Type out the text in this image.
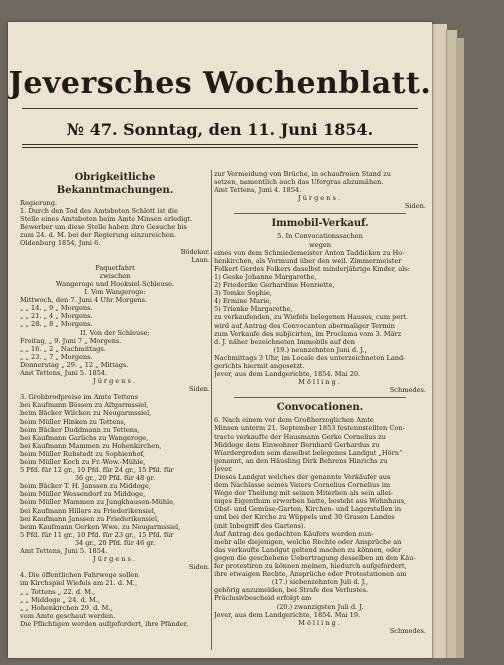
Jeversches Wochenblatt.
№ 47. Sonntag, den 11. Juni 1854.
Obrigkeitliche Bekanntmachungen.
Regierung.
1. Durch den Tod des Amtsboten Schlott ist die
Stelle eines Amtsboten beim Amte Minsen erledigt.
Bewerber um diese Stelle haben ihre Gesuche bis
zum 24. d. M. bei der Regierung einzureichen.
Oldenburg 1854, Juni 6.
Bödeker.
Laun.
Paquetfahrt
zwischen
Wangeroge und Hooksiel-Schleuse.
I. Von Wangeroge:
Mittwoch, den 7. Juni 4 Uhr Morgens.
„ „ 14. „ 9 „ Morgens.
„ „ 21. „ 4 „ Morgens.
„ „ 28. „ 8 „ Morgens.
II. Von der Schleuse:
Freitag, „ 9. Juni 7 „ Morgens.
„ „ 16. „ 2 „ Nachmittags.
„ „ 23. „ 7 „ Morgens.
Donnerstag „ 29. „ 12 „ Mittags.
Amt Tettens, Juni 5. 1854.
Jürgens.
Siden.
3. Grobbrodpreise im Amte Tettens
bei Kaufmann Bössen zu Altgarmssiel,
beim Bäcker Wilcken zu Neugarmssiel,
beim Müller Hinken zu Tettens,
beim Bäcker Duddmann zu Tettens,
bei Kaufmann Garlichs zu Wangeroge,
bei Kaufmann Mammen zu Hohenkirchen,
beim Müller Ruhstedt zu Sophienhof,
beim Müller Koch zu Fr.-Wow.-Mühle,
5 Pfd. für 12 gr., 10 Pfd. für 24 gr., 15 Pfd. für
36 gr., 20 Pfd. für 48 gr.
beim Bäcker T. H. Janssen zu Middoge,
beim Müller Wessendorf zu Middoge,
beim Müller Mammen zu Jungkhausen-Mühle,
bei Kaufmann Hillers zu Friederikensiel,
bei Kaufmann Janssen zu Friederikensiel,
beim Kaufmann Gerken Wwe. zu Neugarmssiel,
5 Pfd. für 11 gr., 10 Pfd. für 23 gr., 15 Pfd. für
34 gr., 20 Pfd. für 46 gr.
Amt Tettens, Juni 5. 1854.
Jürgens.
Siden.
4. Die öffentlichen Fahrwege sollen
im Kirchspiel Wiefels am 21. d. M.,
„ „ Tettens „ 22. d. M.,
„ „ Middoge „ 24. d. M.,
„ „ Hohenkirchen 29. d. M.,
vom Amte geschaut werden.
Die Pflichtigen werden aufgefordert, ihre Pfänder,
zur Vermeidung von Brüche, in schaufreien Stand zu
setzen, namentlich auch das Ufergras abzumähen.
Amt Tettens, Juni 4. 1854.
Jürgens.
Siden.
Immobil-Verkauf.
5. In Convocationssachen
wegen
eines von dem Schmiedemeister Anton Taddicken zu Ho-
henkirchen, als Vormund über den weil. Zimmermeister
Folkert Gerdes Folkers daselbst minderjährige Kinder, als:
1) Geske Johanne Margarethe,
2) Friederike Gerhardine Henriette,
3) Tomke Sophie,
4) Ermine Marie,
5) Trienke Margarethe,
zu verkaufenden, zu Wiefels belegenen Hauses, cum pert.
wird auf Antrag des Convocanten abermaliger Termin
zum Verkaufe des subjicirten, im Proclama vom 3. März
d. J. näher bezeichneten Immobils auf den
(19.) neunzehnten Juni d. J.,
Nachmittags 3 Uhr, im Locale des unterzeichneten Land-
gerichts hiermit angesetzt.
Jever, aus dem Landgerichte, 1854. Mai 20.
Mölling.
Schmedes.
Convocationen.
6. Nach einem vor dem Großherzoglichen Amte
Minsen unterm 21. September 1853 festennstellten Con-
tracte verkaufte der Hausmann Gerke Cornelius zu
Middoge dem Einwohner Bernhard Gerhardus zu
Wiardergroden sein daselbst belegenes Landgut „Hörn“
genannt, an den Häusling Dirk Behrens Hinrichs zu
Jever.
Dieses Landgut welches der genannte Verkäufer aus
dem Nachlasse seines Vaters Cornelius Cornelius im
Wege der Theilung mit seinen Miterben als sein allei-
niges Eigenthum erworben hatte, besteht aus Wohnhaus,
Obst- und Gemüse-Garten, Kirchen- und Lagerstellen in
und bei der Kirche zu Wüppels und 30 Grasen Landes
(mit Inbegriff des Gartens).
Auf Antrag des gedachten Käufers werden nun-
mehr alle diejenigen, welche Rechte oder Ansprüche an
das verkaufte Landgut geltend machen zu können, oder
gegen die geschehene Uebertragung desselben an den Käu-
fer protestiren zu können meinen, hiedurch aufgefordert,
ihre etwaigen Rechte, Ansprüche oder Protestationen am
(17.) siebenzehnten Juli d. J.,
gehörig anzumelden, bei Strafe des Verlustes.
Präclusivbescheid erfolgt am
(20.) zwanzigsten Juli d. J.
Jever, aus dem Landgerichte, 1854. Mai 19.
Mölling.
Schmedes.
